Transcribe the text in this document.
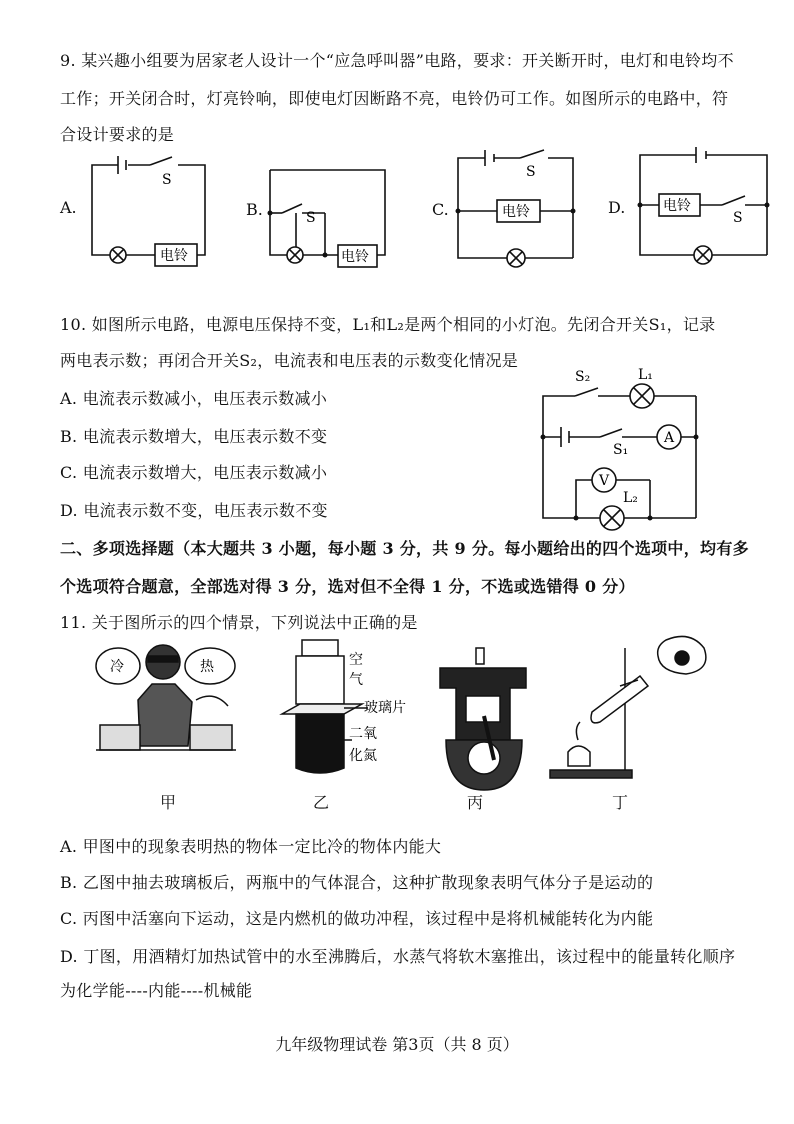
9. 某兴趣小组要为居家老人设计一个“应急呼叫器”电路，要求：开关断开时，电灯和电铃均不
工作；开关闭合时，灯亮铃响，即使电灯因断路不亮，电铃仍可工作。如图所示的电路中，符
合设计要求的是
A.	B.	C.	D.
S
电铃
S
电铃
S
电铃	S
电铃
10. 如图所示电路，电源电压保持不变，L₁和L₂是两个相同的小灯泡。先闭合开关S₁，记录
两电表示数；再闭合开关S₂，电流表和电压表的示数变化情况是
A. 电流表示数减小，电压表示数减小
B. 电流表示数增大，电压表示数不变
C. 电流表示数增大，电压表示数减小
D. 电流表示数不变，电压表示数不变
S₂	L₁
S₁
A
V
L₂
二、多项选择题（本大题共 3 小题，每小题 3 分，共 9 分。每小题给出的四个选项中，均有多
个选项符合题意，全部选对得 3 分，选对但不全得 1 分，不选或选错得 0 分）
11. 关于图所示的四个情景，下列说法中正确的是
冷	热	空
气
玻璃片
二氧
化氮
甲	乙	丙	丁
A. 甲图中的现象表明热的物体一定比冷的物体内能大
B. 乙图中抽去玻璃板后，两瓶中的气体混合，这种扩散现象表明气体分子是运动的
C. 丙图中活塞向下运动，这是内燃机的做功冲程，该过程中是将机械能转化为内能
D. 丁图，用酒精灯加热试管中的水至沸腾后，水蒸气将软木塞推出，该过程中的能量转化顺序
为化学能----内能----机械能
九年级物理试卷 第3页（共 8 页）
